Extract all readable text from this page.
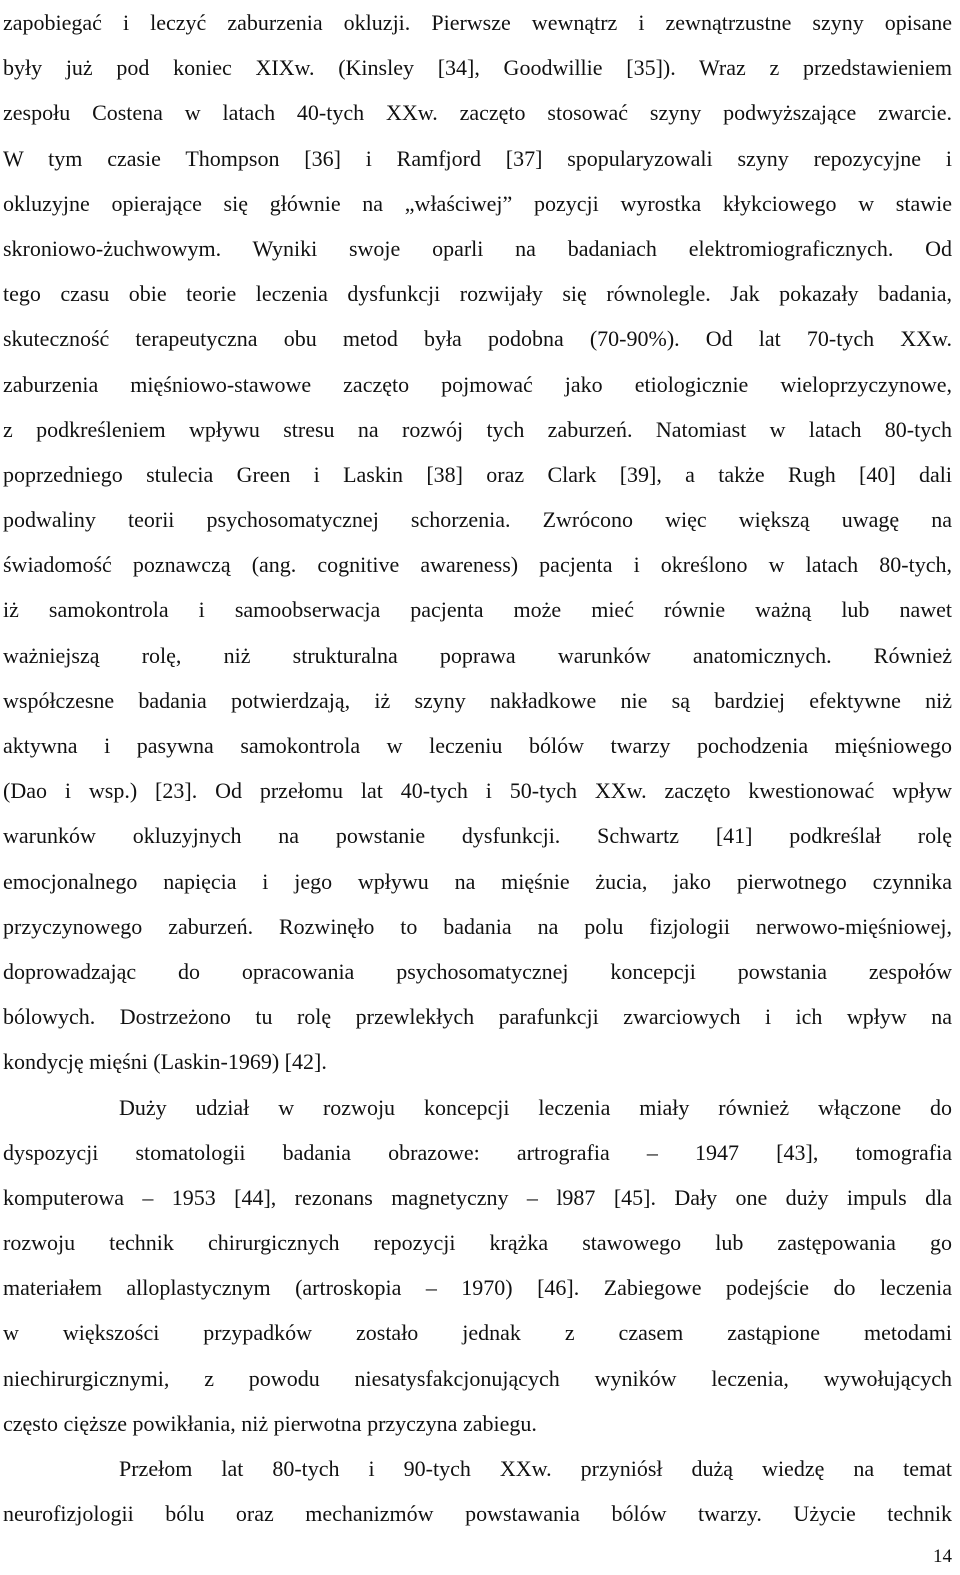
zapobiegać i leczyć zaburzenia okluzji. Pierwsze wewnątrz i zewnątrzustne szyny opisane
były już pod koniec XIXw. (Kinsley [34], Goodwillie [35]). Wraz z przedstawieniem
zespołu Costena w latach 40-tych XXw. zaczęto stosować szyny podwyższające zwarcie.
W tym czasie Thompson [36] i Ramfjord [37] spopularyzowali szyny repozycyjne i
okluzyjne opierające się głównie na „właściwej” pozycji wyrostka kłykciowego w stawie
skroniowo-żuchwowym. Wyniki swoje oparli na badaniach elektromiograficznych. Od
tego czasu obie teorie leczenia dysfunkcji rozwijały się równolegle. Jak pokazały badania,
skuteczność terapeutyczna obu metod była podobna (70-90%). Od lat 70-tych XXw.
zaburzenia mięśniowo-stawowe zaczęto pojmować jako etiologicznie wieloprzyczynowe,
z podkreśleniem wpływu stresu na rozwój tych zaburzeń. Natomiast w latach 80-tych
poprzedniego stulecia Green i Laskin [38] oraz Clark [39], a także Rugh [40] dali
podwaliny teorii psychosomatycznej schorzenia. Zwrócono więc większą uwagę na
świadomość poznawczą (ang. cognitive awareness) pacjenta i określono w latach 80-tych,
iż samokontrola i samoobserwacja pacjenta może mieć równie ważną lub nawet
ważniejszą rolę, niż strukturalna poprawa warunków anatomicznych. Również
współczesne badania potwierdzają, iż szyny nakładkowe nie są bardziej efektywne niż
aktywna i pasywna samokontrola w leczeniu bólów twarzy pochodzenia mięśniowego
(Dao i wsp.) [23]. Od przełomu lat 40-tych i 50-tych XXw. zaczęto kwestionować wpływ
warunków okluzyjnych na powstanie dysfunkcji. Schwartz [41] podkreślał rolę
emocjonalnego napięcia i jego wpływu na mięśnie żucia, jako pierwotnego czynnika
przyczynowego zaburzeń. Rozwinęło to badania na polu fizjologii nerwowo-mięśniowej,
doprowadzając do opracowania psychosomatycznej koncepcji powstania zespołów
bólowych. Dostrzeżono tu rolę przewlekłych parafunkcji zwarciowych i ich wpływ na
kondycję mięśni (Laskin-1969) [42].
Duży udział w rozwoju koncepcji leczenia miały również włączone do
dyspozycji stomatologii badania obrazowe: artrografia – 1947 [43], tomografia
komputerowa – 1953 [44], rezonans magnetyczny – l987 [45]. Dały one duży impuls dla
rozwoju technik chirurgicznych repozycji krążka stawowego lub zastępowania go
materiałem alloplastycznym (artroskopia – 1970) [46]. Zabiegowe podejście do leczenia
w większości przypadków zostało jednak z czasem zastąpione metodami
niechirurgicznymi, z powodu niesatysfakcjonujących wyników leczenia, wywołujących
często cięższe powikłania, niż pierwotna przyczyna zabiegu.
Przełom lat 80-tych i 90-tych XXw. przyniósł dużą wiedzę na temat
neurofizjologii bólu oraz mechanizmów powstawania bólów twarzy. Użycie technik
14
